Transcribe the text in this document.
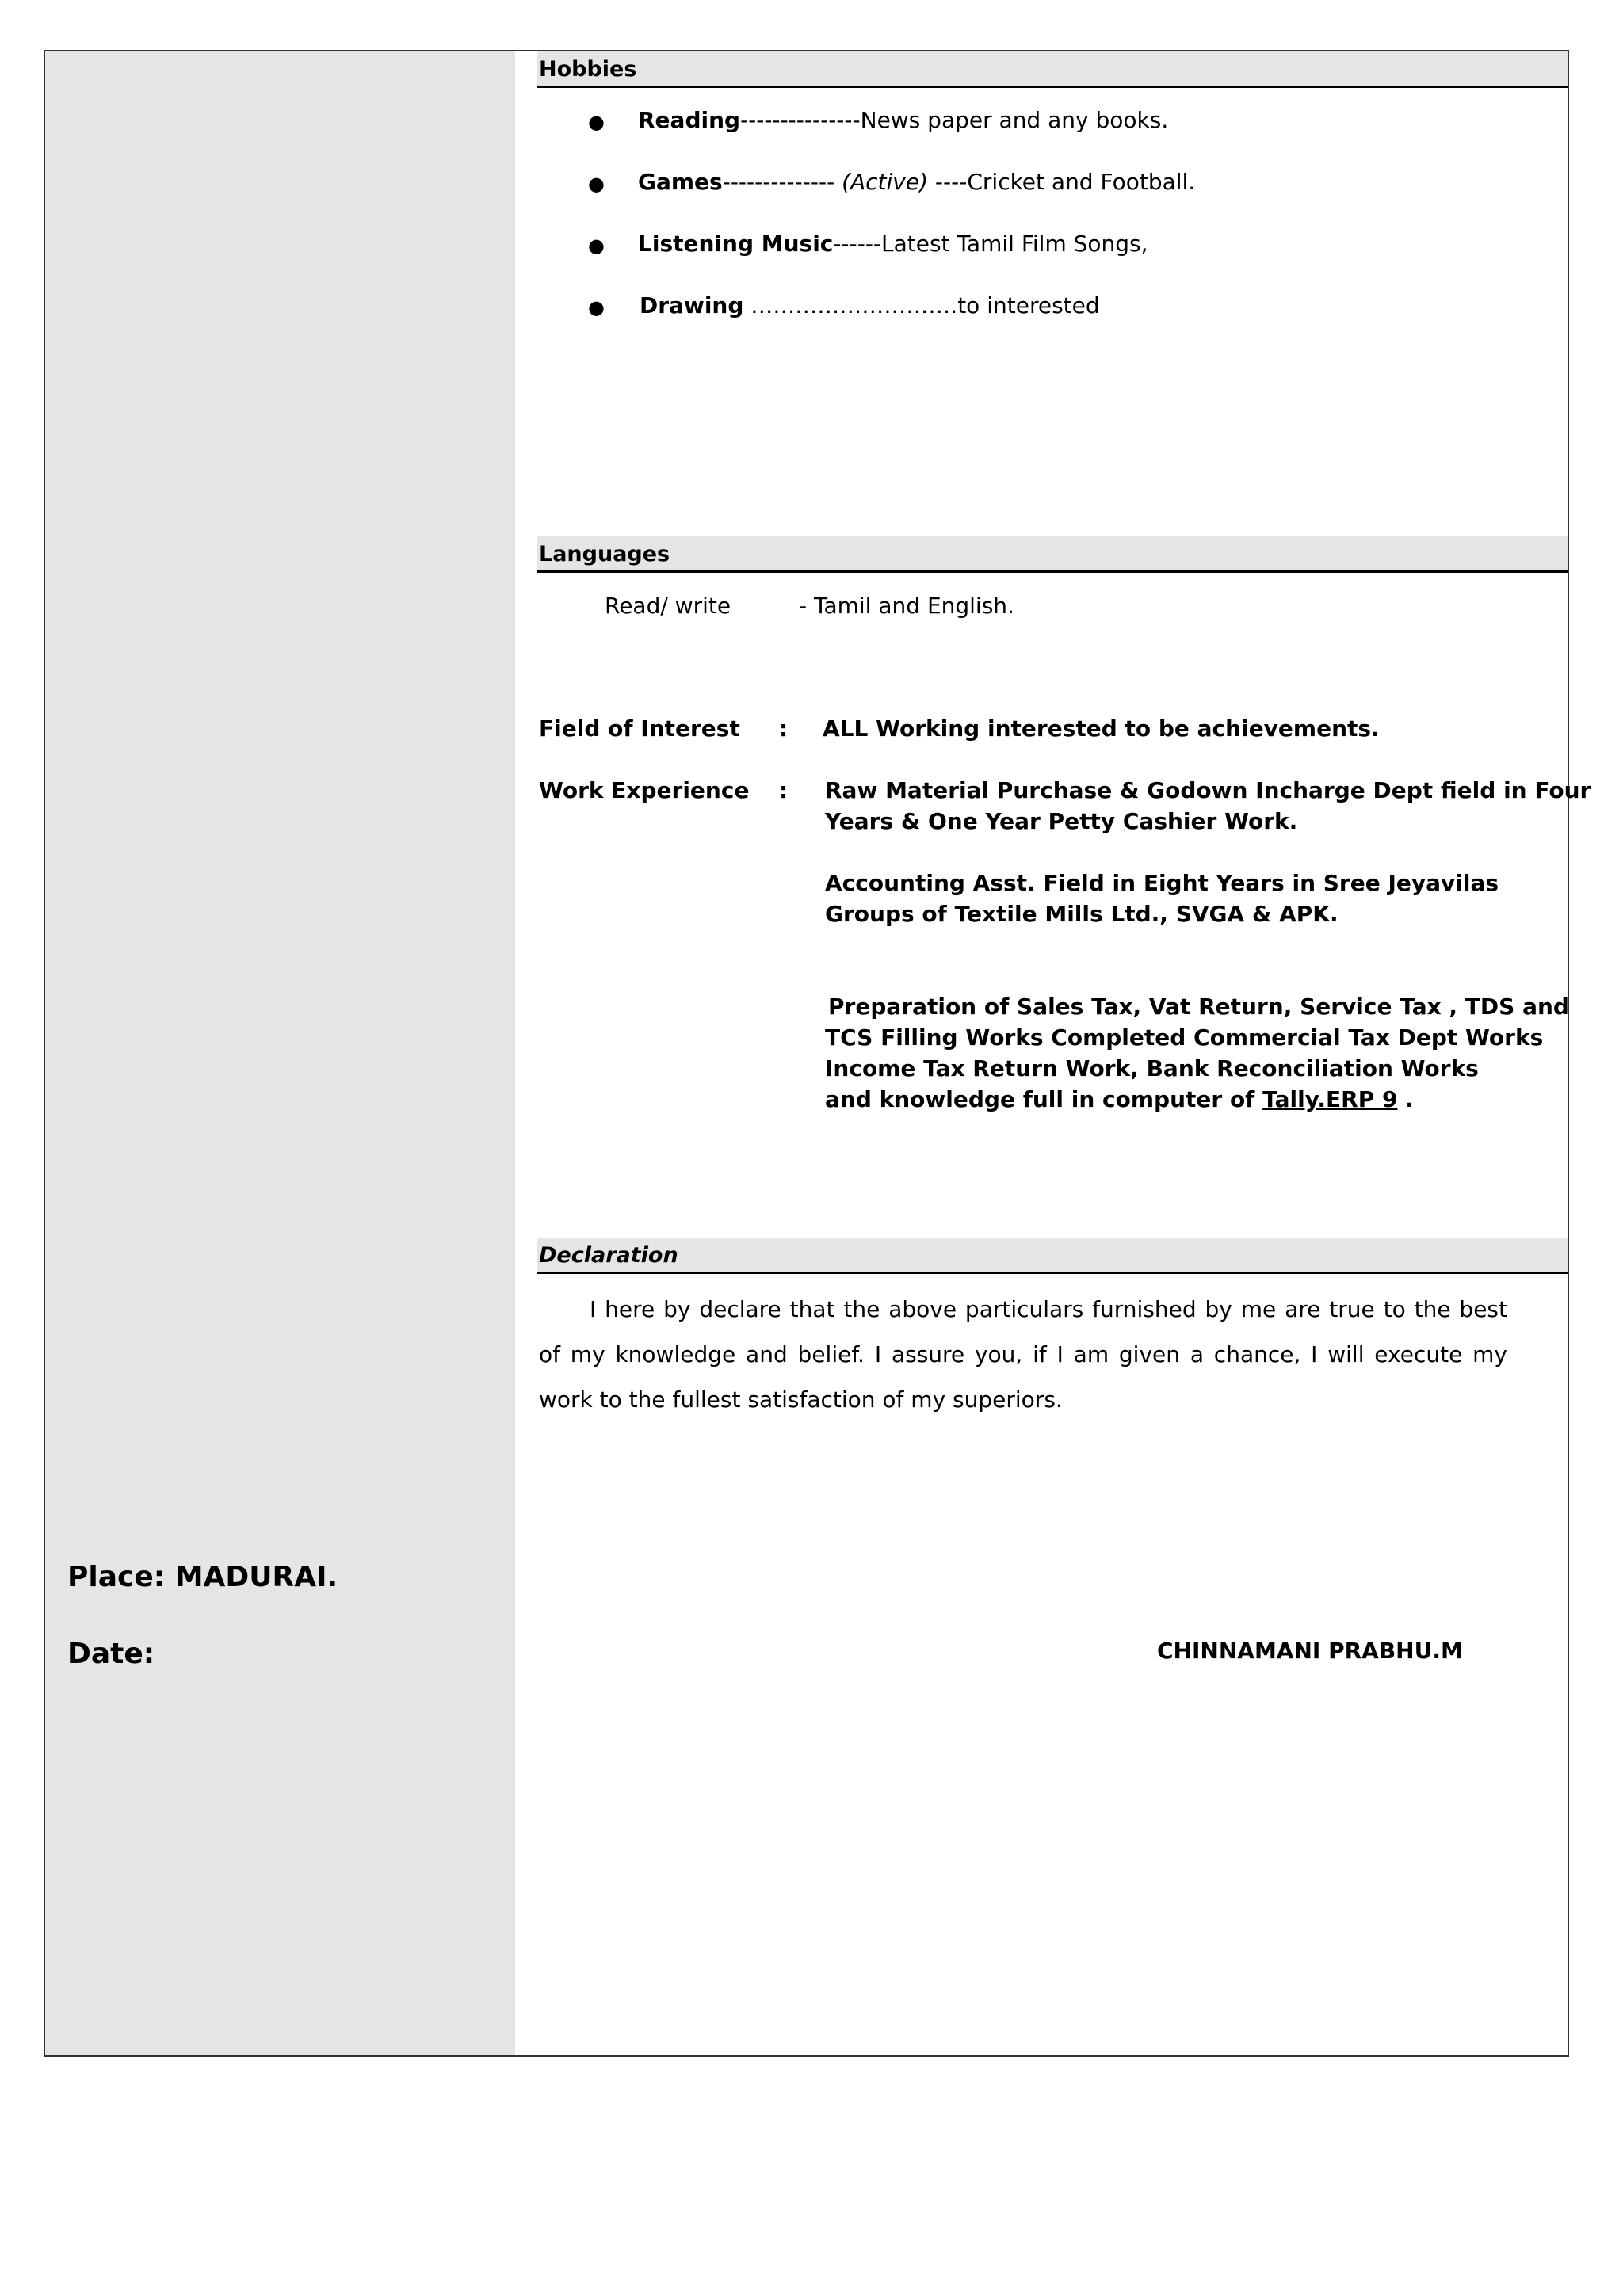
Hobbies
● Reading---------------News paper and any books.
● Games-------------- (Active) ----Cricket and Football.
● Listening Music------Latest Tamil Film Songs,
● Drawing ……………………….to interested
Languages
Read/ write	- Tamil and English.
Field of Interest : ALL Working interested to be achievements.
Work Experience : Raw Material Purchase & Godown Incharge Dept field in Four
Years & One Year Petty Cashier Work.
Accounting Asst. Field in Eight Years in Sree Jeyavilas
Groups of Textile Mills Ltd., SVGA & APK.
Preparation of Sales Tax, Vat Return, Service Tax , TDS and
TCS Filling Works Completed Commercial Tax Dept Works
Income Tax Return Work, Bank Reconciliation Works
and knowledge full in computer of Tally.ERP 9 .
Declaration
I here by declare that the above particulars furnished by me are true to the best of my knowledge and belief. I assure you, if I am given a chance, I will execute my work to the fullest satisfaction of my superiors.
Place: MADURAI.
Date:	CHINNAMANI PRABHU.M
